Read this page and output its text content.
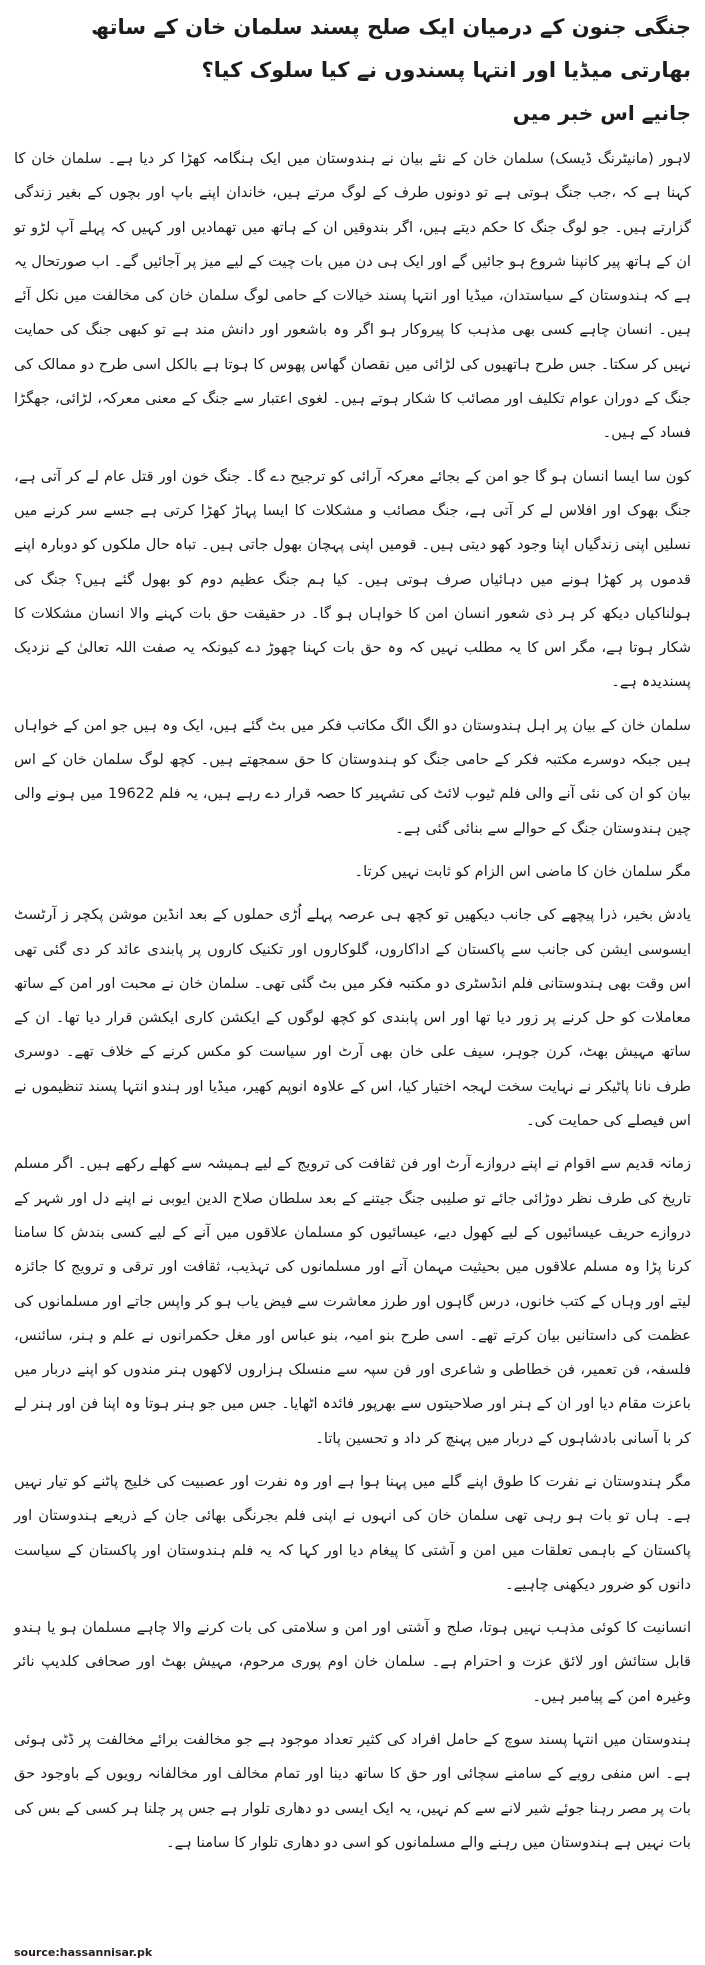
جنگی جنون کے درمیان ایک صلح پسند سلمان خان کے ساتھ بھارتی میڈیا اور انتہا پسندوں نے کیا سلوک کیا؟
جانیے اس خبر میں

لاہور (مانیٹرنگ ڈیسک) سلمان خان کے نئے بیان نے ہندوستان میں ایک ہنگامہ کھڑا کر دیا ہے۔ سلمان خان کا کہنا ہے کہ ،جب جنگ ہوتی ہے تو دونوں طرف کے لوگ مرتے ہیں، خاندان اپنے باپ اور بچوں کے بغیر زندگی گزارتے ہیں۔ جو لوگ جنگ کا حکم دیتے ہیں، اگر بندوقیں ان کے ہاتھ میں تھمادیں اور کہیں کہ پہلے آپ لڑو تو ان کے ہاتھ پیر کانپنا شروع ہو جائیں گے اور ایک ہی دن میں بات چیت کے لیے میز پر آجائیں گے۔ اب صورتحال یہ ہے کہ ہندوستان کے سیاستدان، میڈیا اور انتہا پسند خیالات کے حامی لوگ سلمان خان کی مخالفت میں نکل آئے ہیں۔ انسان چاہے کسی بھی مذہب کا پیروکار ہو اگر وہ باشعور اور دانش مند ہے تو کبھی جنگ کی حمایت نہیں کر سکتا۔ جس طرح ہاتھیوں کی لڑائی میں نقصان گھاس پھوس کا ہوتا ہے بالکل اسی طرح دو ممالک کی جنگ کے دوران عوام تکلیف اور مصائب کا شکار ہوتے ہیں۔ لغوی اعتبار سے جنگ کے معنی معرکہ، لڑائی، جھگڑا فساد کے ہیں۔

کون سا ایسا انسان ہو گا جو امن کے بجائے معرکہ آرائی کو ترجیح دے گا۔ جنگ خون اور قتل عام لے کر آتی ہے، جنگ بھوک اور افلاس لے کر آتی ہے، جنگ مصائب و مشکلات کا ایسا پہاڑ کھڑا کرتی ہے جسے سر کرنے میں نسلیں اپنی زندگیاں اپنا وجود کھو دیتی ہیں۔ قومیں اپنی پہچان بھول جاتی ہیں۔ تباہ حال ملکوں کو دوبارہ اپنے قدموں پر کھڑا ہونے میں دہائیاں صرف ہوتی ہیں۔ کیا ہم جنگ عظیم دوم کو بھول گئے ہیں؟ جنگ کی ہولناکیاں دیکھ کر ہر ذی شعور انسان امن کا خواہاں ہو گا۔ در حقیقت حق بات کہنے والا انسان مشکلات کا شکار ہوتا ہے، مگر اس کا یہ مطلب نہیں کہ وہ حق بات کہنا چھوڑ دے کیونکہ یہ صفت اللہ تعالیٰ کے نزدیک پسندیدہ ہے۔

سلمان خان کے بیان پر اہل ہندوستان دو الگ الگ مکاتب فکر میں بٹ گئے ہیں، ایک وہ ہیں جو امن کے خواہاں ہیں جبکہ دوسرے مکتبہ فکر کے حامی جنگ کو ہندوستان کا حق سمجھتے ہیں۔ کچھ لوگ سلمان خان کے اس بیان کو ان کی نئی آنے والی فلم ٹیوب لائٹ کی تشہیر کا حصہ قرار دے رہے ہیں، یہ فلم 19622 میں ہونے والی چین ہندوستان جنگ کے حوالے سے بنائی گئی ہے۔

مگر سلمان خان کا ماضی اس الزام کو ثابت نہیں کرتا۔

یادش بخیر، ذرا پیچھے کی جانب دیکھیں تو کچھ ہی عرصہ پہلے اُڑی حملوں کے بعد انڈین موشن پکچر ز آرٹسٹ ایسوسی ایشن کی جانب سے پاکستان کے اداکاروں، گلوکاروں اور تکنیک کاروں پر پابندی عائد کر دی گئی تھی اس وقت بھی ہندوستانی فلم انڈسٹری دو مکتبہ فکر میں بٹ گئی تھی۔ سلمان خان نے محبت اور امن کے ساتھ معاملات کو حل کرنے پر زور دیا تھا اور اس پابندی کو کچھ لوگوں کے ایکشن کاری ایکشن قرار دیا تھا۔ ان کے ساتھ مہیش بھٹ، کرن جوہر، سیف علی خان بھی آرٹ اور سیاست کو مکس کرنے کے خلاف تھے۔ دوسری طرف نانا پاٹیکر نے نہایت سخت لہجہ اختیار کیا، اس کے علاوہ انوپم کھیر، میڈیا اور ہندو انتہا پسند تنظیموں نے اس فیصلے کی حمایت کی۔

زمانہ قدیم سے اقوام نے اپنے دروازے آرٹ اور فن ثقافت کی ترویج کے لیے ہمیشہ سے کھلے رکھے ہیں۔ اگر مسلم تاریخ کی طرف نظر دوڑائی جائے تو صلیبی جنگ جیتنے کے بعد سلطان صلاح الدین ایوبی نے اپنے دل اور شہر کے دروازے حریف عیسائیوں کے لیے کھول دیے، عیسائیوں کو مسلمان علاقوں میں آنے کے لیے کسی بندش کا سامنا کرنا پڑا وہ مسلم علاقوں میں بحیثیت مہمان آتے اور مسلمانوں کی تہذیب، ثقافت اور ترقی و ترویج کا جائزہ لیتے اور وہاں کے کتب خانوں، درس گاہوں اور طرز معاشرت سے فیض یاب ہو کر واپس جاتے اور مسلمانوں کی عظمت کی داستانیں بیان کرتے تھے۔ اسی طرح بنو امیہ، بنو عباس اور مغل حکمرانوں نے علم و ہنر، سائنس، فلسفہ، فن تعمیر، فن خطاطی و شاعری اور فن سپہ سے منسلک ہزاروں لاکھوں ہنر مندوں کو اپنے دربار میں باعزت مقام دیا اور ان کے ہنر اور صلاحیتوں سے بھرپور فائدہ اٹھایا۔ جس میں جو ہنر ہوتا وہ اپنا فن اور ہنر لے کر با آسانی بادشاہوں کے دربار میں پہنچ کر داد و تحسین پاتا۔

مگر ہندوستان نے نفرت کا طوق اپنے گلے میں پہنا ہوا ہے اور وہ نفرت اور عصبیت کی خلیج پاٹنے کو تیار نہیں ہے۔ ہاں تو بات ہو رہی تھی سلمان خان کی انہوں نے اپنی فلم بجرنگی بھائی جان کے ذریعے ہندوستان اور پاکستان کے باہمی تعلقات میں امن و آشتی کا پیغام دیا اور کہا کہ یہ فلم ہندوستان اور پاکستان کے سیاست دانوں کو ضرور دیکھنی چاہیے۔

انسانیت کا کوئی مذہب نہیں ہوتا، صلح و آشتی اور امن و سلامتی کی بات کرنے والا چاہے مسلمان ہو یا ہندو قابل ستائش اور لائق عزت و احترام ہے۔ سلمان خان اوم پوری مرحوم، مہیش بھٹ اور صحافی کلدیپ نائر وغیرہ امن کے پیامبر ہیں۔

ہندوستان میں انتہا پسند سوچ کے حامل افراد کی کثیر تعداد موجود ہے جو مخالفت برائے مخالفت پر ڈٹی ہوئی ہے۔ اس منفی رویے کے سامنے سچائی اور حق کا ساتھ دینا اور تمام مخالف اور مخالفانہ رویوں کے باوجود حق بات پر مصر رہنا جوئے شیر لانے سے کم نہیں، یہ ایک ایسی دو دھاری تلوار ہے جس پر چلنا ہر کسی کے بس کی بات نہیں ہے ہندوستان میں رہنے والے مسلمانوں کو اسی دو دھاری تلوار کا سامنا ہے۔

source:hassannisar.pk
